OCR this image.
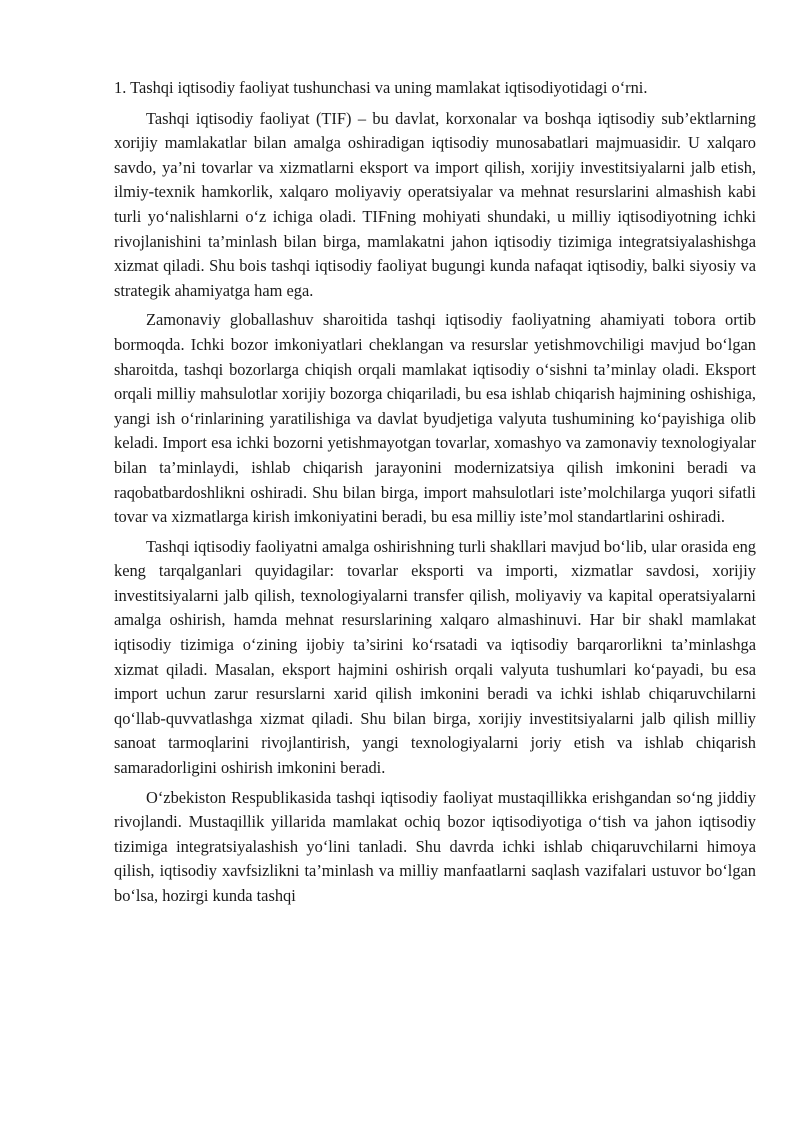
1. Tashqi iqtisodiy faoliyat tushunchasi va uning mamlakat iqtisodiyotidagi o‘rni.

Tashqi iqtisodiy faoliyat (TIF) – bu davlat, korxonalar va boshqa iqtisodiy sub’ektlarning xorijiy mamlakatlar bilan amalga oshiradigan iqtisodiy munosabatlari majmuasidir. U xalqaro savdo, ya’ni tovarlar va xizmatlarni eksport va import qilish, xorijiy investitsiyalarni jalb etish, ilmiy-texnik hamkorlik, xalqaro moliyaviy operatsiyalar va mehnat resurslarini almashish kabi turli yo‘nalishlarni o‘z ichiga oladi. TIFning mohiyati shundaki, u milliy iqtisodiyotning ichki rivojlanishini ta’minlash bilan birga, mamlakatni jahon iqtisodiy tizimiga integratsiyalashishga xizmat qiladi. Shu bois tashqi iqtisodiy faoliyat bugungi kunda nafaqat iqtisodiy, balki siyosiy va strategik ahamiyatga ham ega.

Zamonaviy globallashuv sharoitida tashqi iqtisodiy faoliyatning ahamiyati tobora ortib bormoqda. Ichki bozor imkoniyatlari cheklangan va resurslar yetishmovchiligi mavjud bo‘lgan sharoitda, tashqi bozorlarga chiqish orqali mamlakat iqtisodiy o‘sishni ta’minlay oladi. Eksport orqali milliy mahsulotlar xorijiy bozorga chiqariladi, bu esa ishlab chiqarish hajmining oshishiga, yangi ish o‘rinlarining yaratilishiga va davlat byudjetiga valyuta tushumining ko‘payishiga olib keladi. Import esa ichki bozorni yetishmayotgan tovarlar, xomashyo va zamonaviy texnologiyalar bilan ta’minlaydi, ishlab chiqarish jarayonini modernizatsiya qilish imkonini beradi va raqobatbardoshlikni oshiradi. Shu bilan birga, import mahsulotlari iste’molchilarga yuqori sifatli tovar va xizmatlarga kirish imkoniyatini beradi, bu esa milliy iste’mol standartlarini oshiradi.

Tashqi iqtisodiy faoliyatni amalga oshirishning turli shakllari mavjud bo‘lib, ular orasida eng keng tarqalganlari quyidagilar: tovarlar eksporti va importi, xizmatlar savdosi, xorijiy investitsiyalarni jalb qilish, texnologiyalarni transfer qilish, moliyaviy va kapital operatsiyalarni amalga oshirish, hamda mehnat resurslarining xalqaro almashinuvi. Har bir shakl mamlakat iqtisodiy tizimiga o‘zining ijobiy ta’sirini ko‘rsatadi va iqtisodiy barqarorlikni ta’minlashga xizmat qiladi. Masalan, eksport hajmini oshirish orqali valyuta tushumlari ko‘payadi, bu esa import uchun zarur resurslarni xarid qilish imkonini beradi va ichki ishlab chiqaruvchilarni qo‘llab-quvvatlashga xizmat qiladi. Shu bilan birga, xorijiy investitsiyalarni jalb qilish milliy sanoat tarmoqlarini rivojlantirish, yangi texnologiyalarni joriy etish va ishlab chiqarish samaradorligini oshirish imkonini beradi.

O‘zbekiston Respublikasida tashqi iqtisodiy faoliyat mustaqillikka erishgandan so‘ng jiddiy rivojlandi. Mustaqillik yillarida mamlakat ochiq bozor iqtisodiyotiga o‘tish va jahon iqtisodiy tizimiga integratsiyalashish yo‘lini tanladi. Shu davrda ichki ishlab chiqaruvchilarni himoya qilish, iqtisodiy xavfsizlikni ta’minlash va milliy manfaatlarni saqlash vazifalari ustuvor bo‘lgan bo‘lsa, hozirgi kunda tashqi
